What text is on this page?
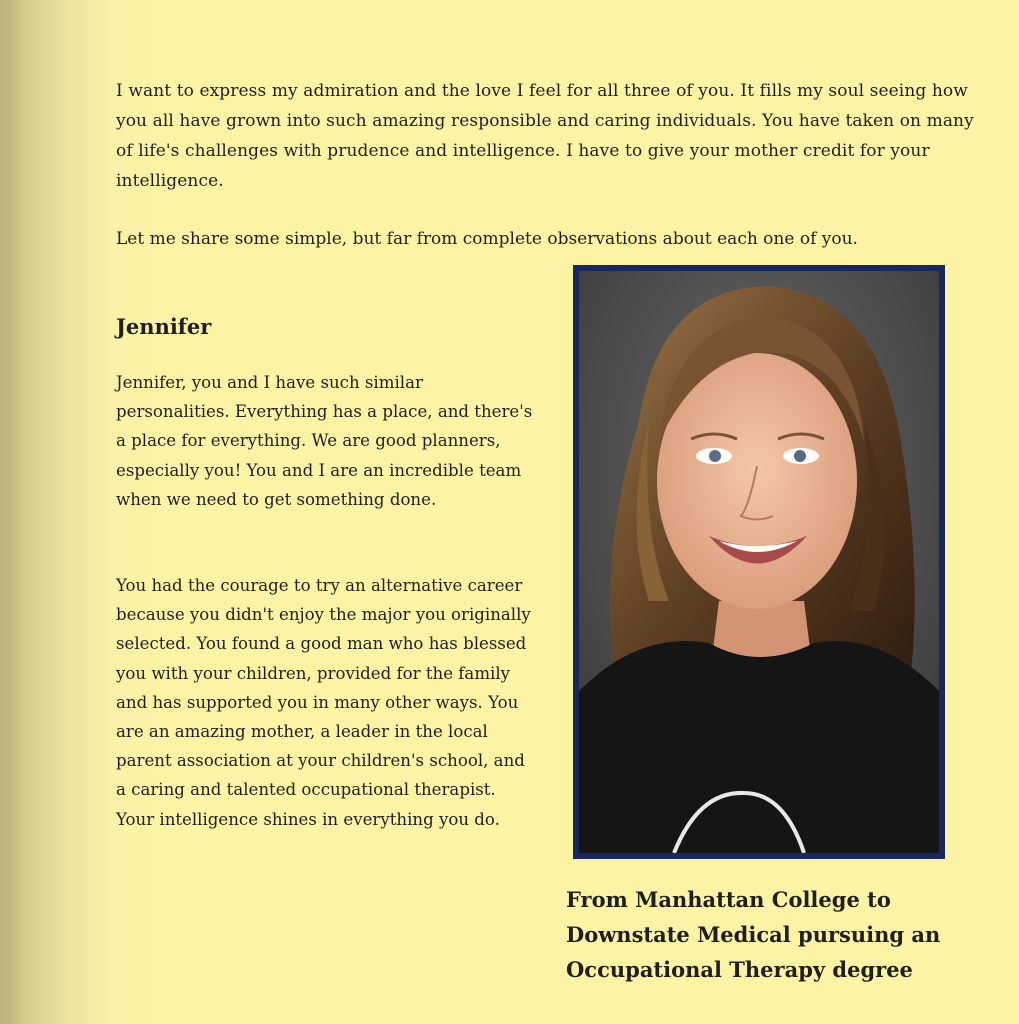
I want to express my admiration and the love I feel for all three of you. It fills my soul seeing how you all have grown into such amazing responsible and caring individuals. You have taken on many of life's challenges with prudence and intelligence. I have to give your mother credit for your intelligence.

Let me share some simple, but far from complete observations about each one of you.

Jennifer

Jennifer, you and I have such similar personalities. Everything has a place, and there's a place for everything. We are good planners, especially you! You and I are an incredible team when we need to get something done.

You had the courage to try an alternative career because you didn't enjoy the major you originally selected. You found a good man who has blessed you with your children, provided for the family and has supported you in many other ways. You are an amazing mother, a leader in the local parent association at your children's school, and a caring and talented occupational therapist. Your intelligence shines in everything you do.

From Manhattan College to
Downstate Medical pursuing an
Occupational Therapy degree
